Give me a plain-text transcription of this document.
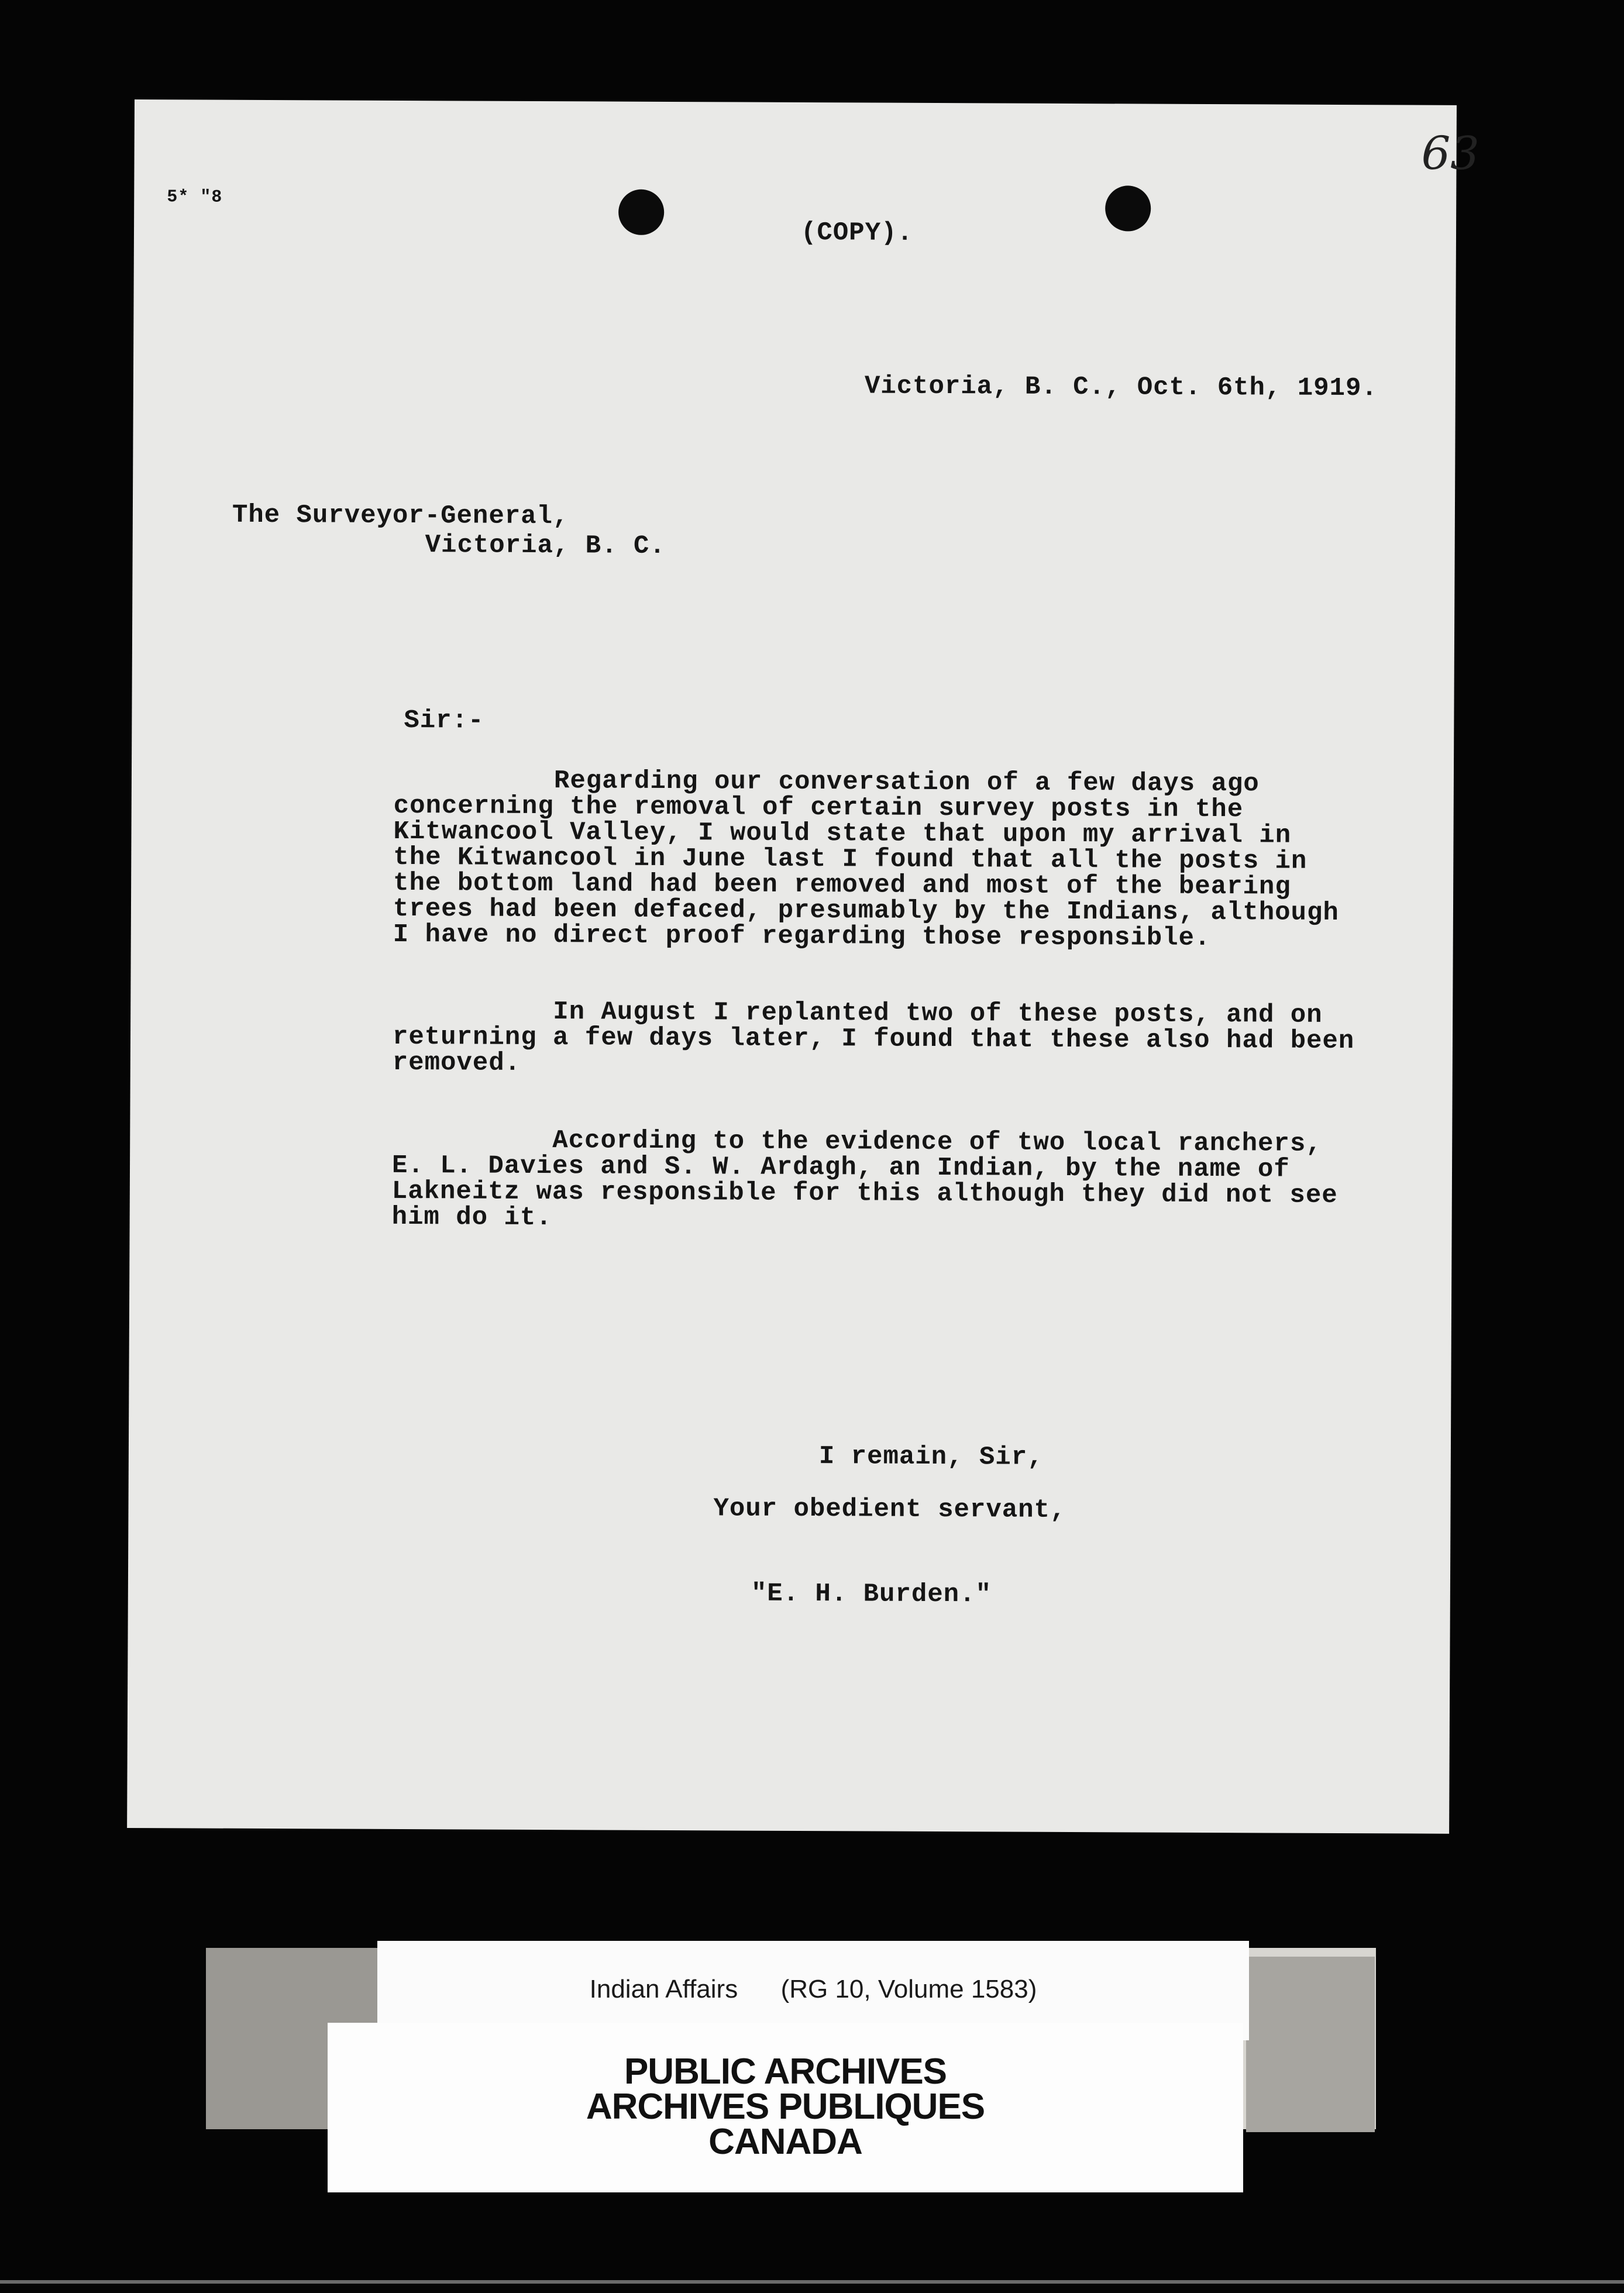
5* "8
63
(COPY).
Victoria, B. C., Oct. 6th, 1919.
The Surveyor-General,
Victoria, B. C.
Sir:-
Regarding our conversation of a few days ago
concerning the removal of certain survey posts in the
Kitwancool Valley, I would state that upon my arrival in
the Kitwancool in June last I found that all the posts in
the bottom land had been removed and most of the bearing
trees had been defaced, presumably by the Indians, although
I have no direct proof regarding those responsible.
In August I replanted two of these posts, and on
returning a few days later, I found that these also had been
removed.
According to the evidence of two local ranchers,
E. L. Davies and S. W. Ardagh, an Indian, by the name of
Lakneitz was responsible for this although they did not see
him do it.
I remain, Sir,
Your obedient servant,
"E. H. Burden."
Indian Affairs (RG 10, Volume 1583)
PUBLIC ARCHIVES
ARCHIVES PUBLIQUES
CANADA
